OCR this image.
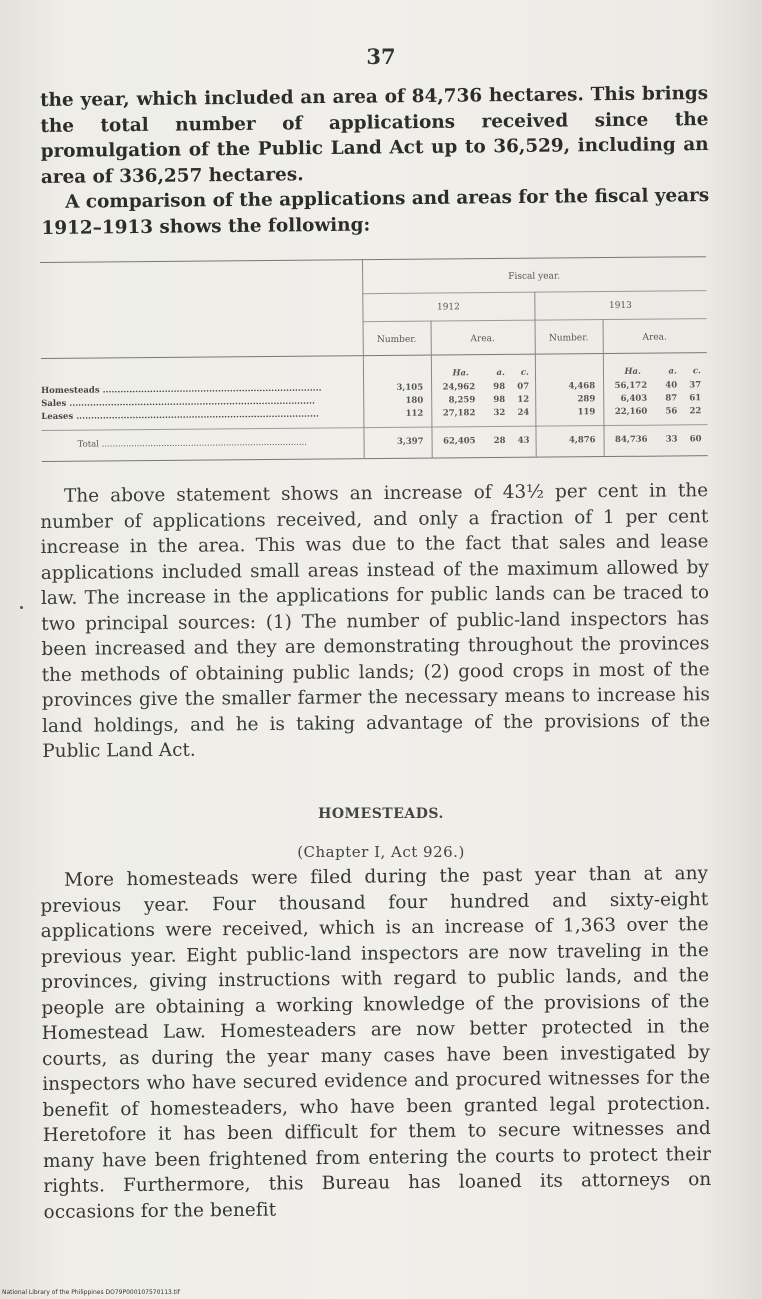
37

the year, which included an area of 84,736 hectares. This brings the total number of applications received since the promulgation of the Public Land Act up to 36,529, including an area of 336,257 hectares.

A comparison of the applications and areas for the fiscal years 1912–1913 shows the following:

Fiscal year.
1912	1913
Number.	Area.	Number.	Area.
Ha.	a.	c.	Ha.	a.	c.
Homesteads ..........................................................................	3,105	24,962	98	07	4,468	56,172	40	37
Sales ...................................................................................	180	8,259	98	12	289	6,403	87	61
Leases ..................................................................................	112	27,182	32	24	119	22,160	56	22
Total ............................................................................	3,397	62,405	28	43	4,876	84,736	33	60

The above statement shows an increase of 43½ per cent in the number of applications received, and only a fraction of 1 per cent increase in the area. This was due to the fact that sales and lease applications included small areas instead of the maximum allowed by law. The increase in the applications for public lands can be traced to two principal sources: (1) The number of public-land inspectors has been increased and they are demonstrating throughout the provinces the methods of obtaining public lands; (2) good crops in most of the provinces give the smaller farmer the necessary means to increase his land holdings, and he is taking advantage of the provisions of the Public Land Act.

HOMESTEADS.
(Chapter I, Act 926.)

More homesteads were filed during the past year than at any previous year. Four thousand four hundred and sixty-eight applications were received, which is an increase of 1,363 over the previous year. Eight public-land inspectors are now traveling in the provinces, giving instructions with regard to public lands, and the people are obtaining a working knowledge of the provisions of the Homestead Law. Homesteaders are now better protected in the courts, as during the year many cases have been investigated by inspectors who have secured evidence and procured witnesses for the benefit of homesteaders, who have been granted legal protection. Heretofore it has been difficult for them to secure witnesses and many have been frightened from entering the courts to protect their rights. Furthermore, this Bureau has loaned its attorneys on occasions for the benefit

National Library of the Philippines DO79P000107570113.tif
